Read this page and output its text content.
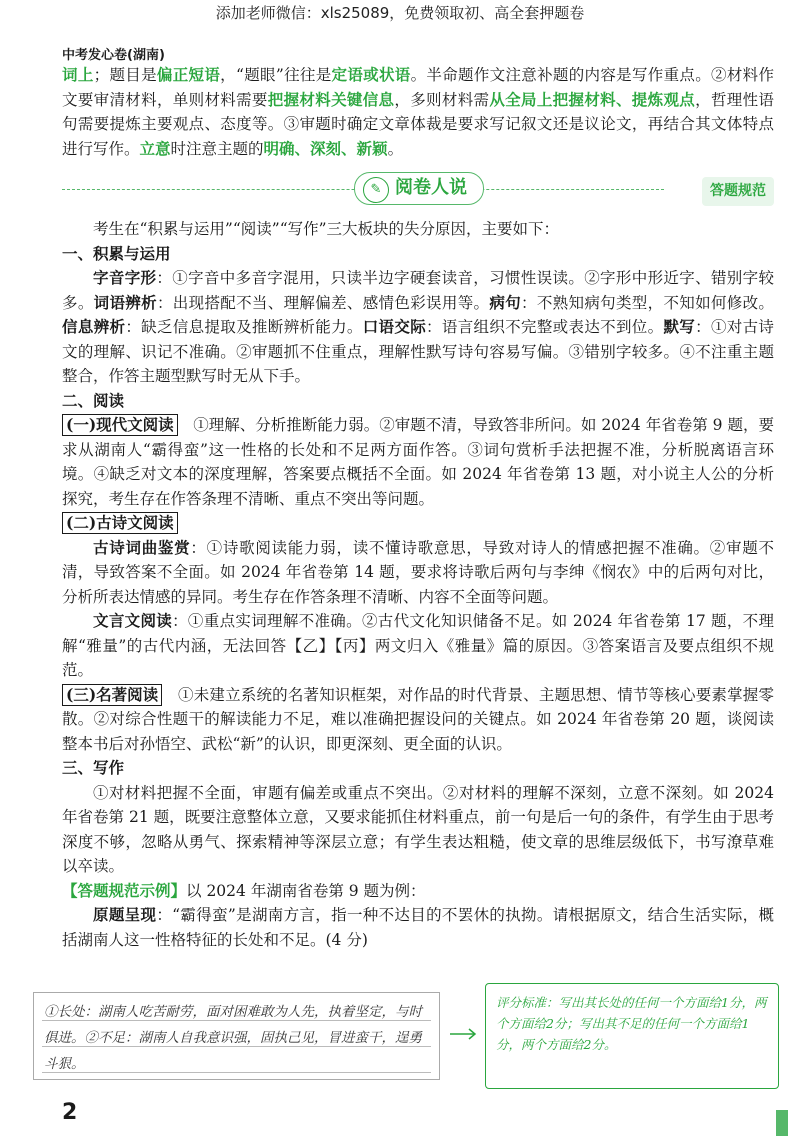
添加老师微信：xls25089，免费领取初、高全套押题卷
中考发心卷(湖南)

词上；题目是偏正短语，“题眼”往往是定语或状语。半命题作文注意补题的内容是写作重点。②材料作文要审清材料，单则材料需要把握材料关键信息，多则材料需从全局上把握材料、提炼观点，哲理性语句需要提炼主要观点、态度等。③审题时确定文章体裁是要求写记叙文还是议论文，再结合其文体特点进行写作。立意时注意主题的明确、深刻、新颖。

✎ 阅卷人说	答题规范

考生在“积累与运用”“阅读”“写作”三大板块的失分原因，主要如下：

一、积累与运用

字音字形：①字音中多音字混用，只读半边字硬套读音，习惯性误读。②字形中形近字、错别字较多。词语辨析：出现搭配不当、理解偏差、感情色彩误用等。病句：不熟知病句类型，不知如何修改。信息辨析：缺乏信息提取及推断辨析能力。口语交际：语言组织不完整或表达不到位。默写：①对古诗文的理解、识记不准确。②审题抓不住重点，理解性默写诗句容易写偏。③错别字较多。④不注重主题整合，作答主题型默写时无从下手。

二、阅读

(一)现代文阅读　 ①理解、分析推断能力弱。②审题不清，导致答非所问。如 2024 年省卷第 9 题，要求从湖南人“霸得蛮”这一性格的长处和不足两方面作答。③词句赏析手法把握不准，分析脱离语言环境。④缺乏对文本的深度理解，答案要点概括不全面。如 2024 年省卷第 13 题，对小说主人公的分析探究，考生存在作答条理不清晰、重点不突出等问题。

(二)古诗文阅读

古诗词曲鉴赏：①诗歌阅读能力弱，读不懂诗歌意思，导致对诗人的情感把握不准确。②审题不清，导致答案不全面。如 2024 年省卷第 14 题，要求将诗歌后两句与李绅《悯农》中的后两句对比，分析所表达情感的异同。考生存在作答条理不清晰、内容不全面等问题。

文言文阅读：①重点实词理解不准确。②古代文化知识储备不足。如 2024 年省卷第 17 题，不理解“雅量”的古代内涵，无法回答【乙】【丙】两文归入《雅量》篇的原因。③答案语言及要点组织不规范。

(三)名著阅读　 ①未建立系统的名著知识框架，对作品的时代背景、主题思想、情节等核心要素掌握零散。②对综合性题干的解读能力不足，难以准确把握设问的关键点。如 2024 年省卷第 20 题，谈阅读整本书后对孙悟空、武松“新”的认识，即更深刻、更全面的认识。

三、写作

①对材料把握不全面，审题有偏差或重点不突出。②对材料的理解不深刻，立意不深刻。如 2024 年省卷第 21 题，既要注意整体立意，又要求能抓住材料重点，前一句是后一句的条件，有学生由于思考深度不够，忽略从勇气、探索精神等深层立意；有学生表达粗糙，使文章的思维层级低下，书写潦草难以卒读。

【答题规范示例】以 2024 年湖南省卷第 9 题为例：

原题呈现：“霸得蛮”是湖南方言，指一种不达目的不罢休的执拗。请根据原文，结合生活实际，概括湖南人这一性格特征的长处和不足。(4 分)

①长处：湖南人吃苦耐劳，面对困难敢为人先，执着坚定，与时俱进。②不足：湖南人自我意识强，固执己见，冒进蛮干，逞勇斗狠。
评分标准：写出其长处的任何一个方面给1分，两个方面给2分；写出其不足的任何一个方面给1分，两个方面给2分。
2
